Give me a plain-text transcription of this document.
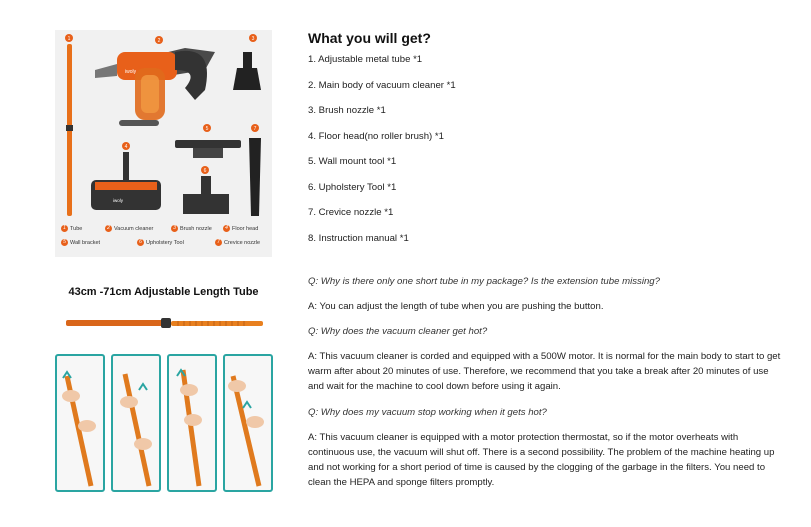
1	2	3
4
5
6
7
iwoly
iwoly
1 Tube	2 Vacuum cleaner	3 Brush nozzle	4 Floor head
5 Wall bracket	6 Upholstery Tool	7 Crevice nozzle
43cm -71cm Adjustable Length Tube
What you will get?
1. Adjustable metal tube *1
2. Main body of vacuum cleaner *1
3. Brush nozzle *1
4. Floor head(no roller brush) *1
5. Wall mount tool *1
6. Upholstery Tool *1
7. Crevice nozzle *1
8. Instruction manual *1
Q: Why is there only one short tube in my package? Is the extension tube missing?
A: You can adjust the length of tube when you are pushing the button.
Q: Why does the vacuum cleaner get hot?
A: This vacuum cleaner is corded and equipped with a 500W motor. It is normal for the main body to start to get warm after about 20 minutes of use. Therefore, we recommend that you take a break after 20 minutes of use and wait for the machine to cool down before using it again.
Q: Why does my vacuum stop working when it gets hot?
A: This vacuum cleaner is equipped with a motor protection thermostat, so if the motor overheats with continuous use, the vacuum will shut off. There is a second possibility. The problem of the machine heating up and not working for a short period of time is caused by the clogging of the garbage in the filters. You need to clean the HEPA and sponge filters promptly.
